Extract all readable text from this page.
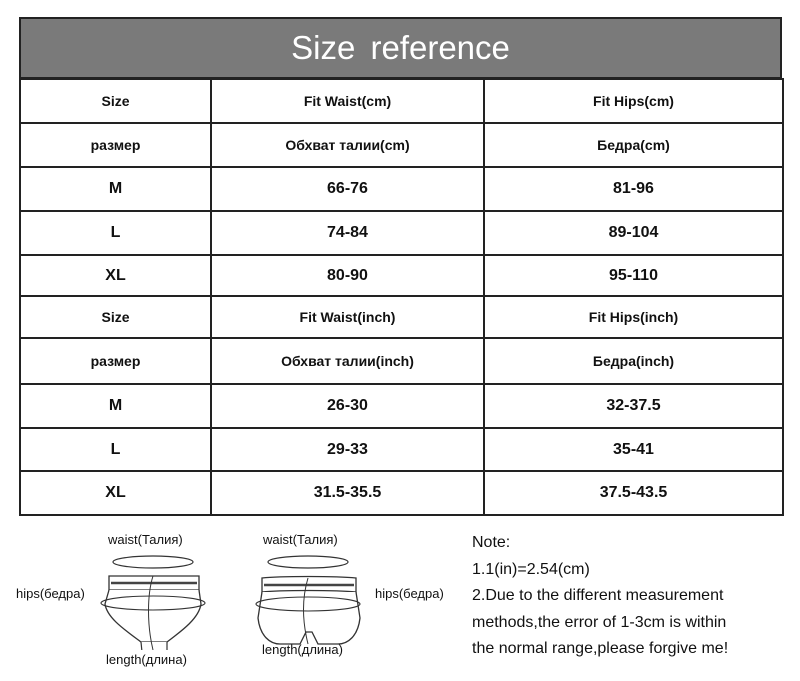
Size reference
Size	Fit Waist(cm)	Fit Hips(cm)
размер	Обхват талии(cm)	Бедра(cm)
M	66-76	81-96
L	74-84	89-104
XL	80-90	95-110
Size	Fit Waist(inch)	Fit Hips(inch)
размер	Обхват талии(inch)	Бедра(inch)
M	26-30	32-37.5
L	29-33	35-41
XL	31.5-35.5	37.5-43.5
waist(Талия)
hips(бедра)
length(длина)
waist(Талия)
hips(бедра)
length(длина)
Note:
1.1(in)=2.54(cm)
2.Due to the different measurement
methods,the error of 1-3cm is within
the normal range,please forgive me!
